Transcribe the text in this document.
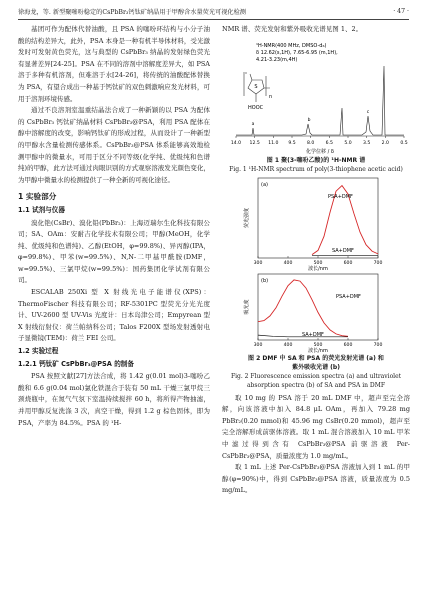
徐海龙，等. 新型聚噻吩稳定的CsPbBr₃钙钛矿纳晶用于甲醇含水量荧光可视化检测	· 47 ·

基团可作为配体代替油酸，且 PSA 的噻吩环结构与小分子油酸的结构差异大，此外，PSA 本身是一种有机半导体材料，受光激发时可发射黄色荧光，这与典型的 CsPbBr₃ 纳晶的发射绿色荧光有显著差异[24-25]。PSA 在不同的溶剂中溶解度差异大，如 PSA 溶于多种有机溶剂，但难溶于水[24-26]，将传统的油酸配体替换为 PSA，有望合成出一种基于钙钛矿的双色刺激响应发光材料，可用于溶剂环境传感。

通过不良溶剂室温重结晶法合成了一种新颖的以 PSA 为配体的 CsPbBr₃ 钙钛矿纳晶材料 CsPbBr₃@PSA，利用 PSA 配体在醇中溶解度的改变，影响钙钛矿的形成过程，从而设计了一种新型的甲醇水含量检测传感体系。CsPbBr₃@PSA 体系能够高效地检测甲醇中的微量水，可用于区分不同等级(化学纯、优级纯和色谱纯)的甲醇，此方法可通过肉眼识别的方式观察溶液发光颜色变化，为甲醇中微量水的检测提供了一种全新的可视化途径。

1 实验部分
1.1 试剂与仪器

溴化铯(CsBr)、溴化铅(PbBr₂)：上海迈瑞尔生化科技有限公司；SA、OAm：安耐吉化学技术有限公司；甲醇(MeOH，化学纯、优级纯和色谱纯)、乙醇(EtOH，φ=99.8%)、异丙醇(IPA，φ=99.8%)、甲苯(w=99.5%)、N,N-二甲基甲酰胺(DMF，w=99.5%)、三氯甲烷(w=99.5%)：国药集团化学试剂有限公司。

ESCALAB 250Xi 型 X 射线光电子能谱仪(XPS)：ThermoFischer 科技有限公司；RF-5301PC 型荧光分光光度计、UV-2600 型 UV-Vis 光度计：日本岛津公司；Empyrean 型 X 射线衍射仪：荷兰帕纳科公司；Talos F200X 型场发射透射电子显微镜(TEM)：荷兰 FEI 公司。

1.2 实验过程
1.2.1 钙钛矿 CsPbBr₃@PSA 的制备

PSA 按照文献[27]方法合成，将 1.42 g(0.01 mol)3-噻吩乙酸和 6.6 g(0.04 mol)氯化铁混合于装有 50 mL 干燥三氯甲烷三颈烧瓶中，在氮气气氛下室温持续搅拌 60 h，将所得产物抽滤，并用甲醇反复洗涤 3 次，真空干燥，得到 1.2 g 棕色固体，即为 PSA，产率为 84.5%。PSA 的 ¹H-

NMR 谱、荧光发射和紫外吸收光谱见图 1、2。

¹H-NMR(400 MHz, DMSO-d₆)
δ 12.62(s,1H), 7.65-6.95 (m,1H),
4.21-3.23(m,4H)
S
n
HOOC
b
c
a
14.0 12.5 11.0 9.5 8.0 6.5 5.0 3.5 2.0 0.5
化学位移 / δ
图 1 聚(3-噻吩乙酸)的 ¹H-NMR 谱
Fig. 1 ¹H-NMR spectrum of poly(3-thiophene acetic acid)
(a)
荧光强度
PSA+DMF
SA+DMF
300	400	500	600	700
波长/nm
(b)
吸光度
PSA+DMF
SA+DMF
300	400	500	600	700
波长/nm
图 2 DMF 中 SA 和 PSA 的荧光发射光谱 (a) 和
紫外吸收光谱 (b)
Fig. 2 Fluorescence emission spectra (a) and ultraviolet
absorption spectra (b) of SA and PSA in DMF

取 10 mg 的 PSA 溶于 20 mL DMF 中，超声至完全溶解，向该溶液中加入 84.8 μL OAm，再加入 79.28 mg PbBr₂(0.20 mmol)和 45.96 mg CsBr(0.20 mmol)，超声至完全溶解形成前驱体溶液。取 1 mL 混合溶液加入 10 mL 甲苯中滤过得到含有 CsPbBr₃@PSA 前驱溶液 Per-CsPbBr₃@PSA，质量浓度为 1.0 mg/mL。

取 1 mL 上述 Per-CsPbBr₃@PSA 溶液加入到 1 mL 的甲醇(φ=90%)中，得到 CsPbBr₃@PSA 溶液，质量浓度为 0.5 mg/mL。
